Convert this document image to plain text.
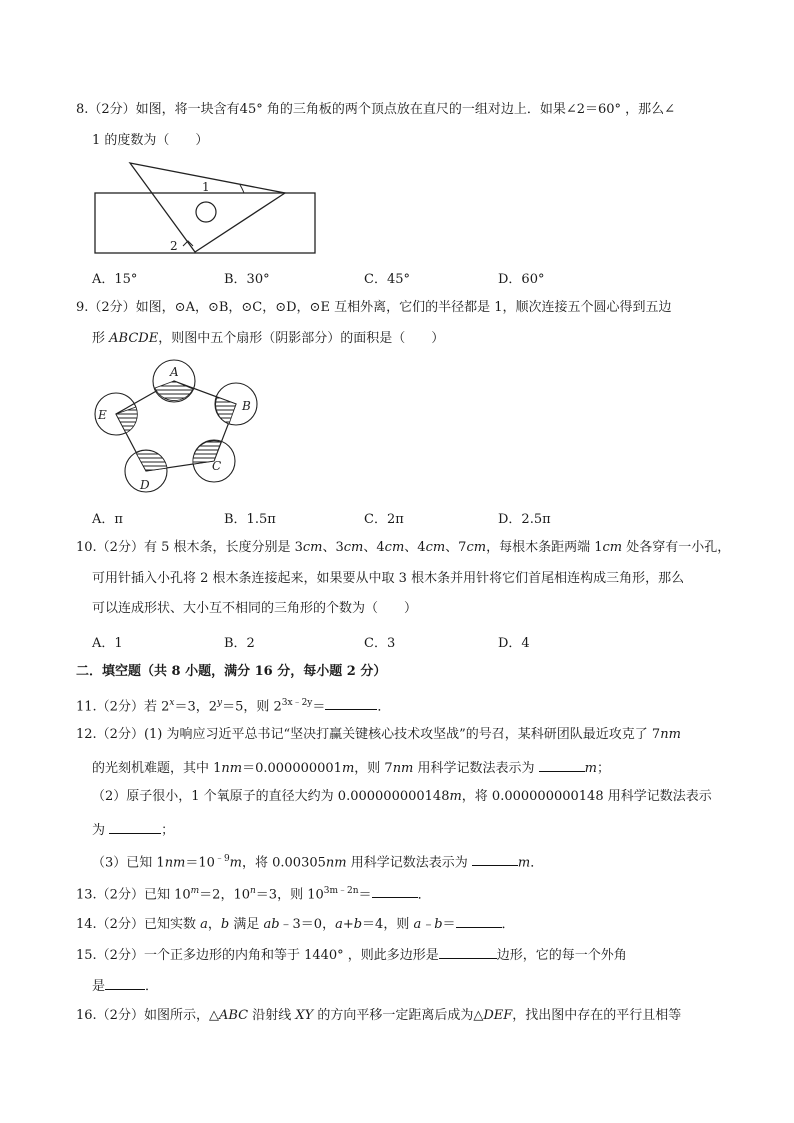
8.（2分）如图，将一块含有45° 角的三角板的两个顶点放在直尺的一组对边上．如果∠2＝60° ，那么∠
1 的度数为（　　）
1
2
A．15°	B．30°	C．45°	D．60°
9.（2分）如图，⊙A，⊙B，⊙C，⊙D，⊙E 互相外离，它们的半径都是 1，顺次连接五个圆心得到五边
形 ABCDE，则图中五个扇形（阴影部分）的面积是（　　）
A
B
C
D
E
A．π	B．1.5π	C．2π	D．2.5π
10.（2分）有 5 根木条，长度分别是 3cm、3cm、4cm、4cm、7cm，每根木条距两端 1cm 处各穿有一小孔，
可用针插入小孔将 2 根木条连接起来，如果要从中取 3 根木条并用针将它们首尾相连构成三角形，那么
可以连成形状、大小互不相同的三角形的个数为（　　）
A．1	B．2	C．3	D．4
二．填空题（共 8 小题，满分 16 分，每小题 2 分）
11.（2分）若 $2^x=3$，$2^y=5$，则 $2^{3x﹣2y}=$	．
12.（2分）(1) 为响应习近平总书记“坚决打赢关键核心技术攻坚战”的号召，某科研团队最近攻克了 7nm
的光刻机难题，其中 1nm＝0.000000001m，则 7nm 用科学记数法表示为	m；
（2）原子很小，1 个氧原子的直径大约为 0.000000000148m，将 0.000000000148 用科学记数法表示
为	；
（3）已知 $1nm=10^{﹣9}m$，将 0.00305nm 用科学记数法表示为	m．
13.（2分）已知 $10^m=2$，$10^n=3$，则 $10^{3m﹣2n}=$	．
14.（2分）已知实数 a，b 满足 ab﹣3＝0，a+b＝4，则 a﹣b＝	．
15.（2分）一个正多边形的内角和等于 1440° ，则此多边形是	边形，它的每一个外角
是	．
16.（2分）如图所示，△ABC 沿射线 XY 的方向平移一定距离后成为△DEF，找出图中存在的平行且相等
